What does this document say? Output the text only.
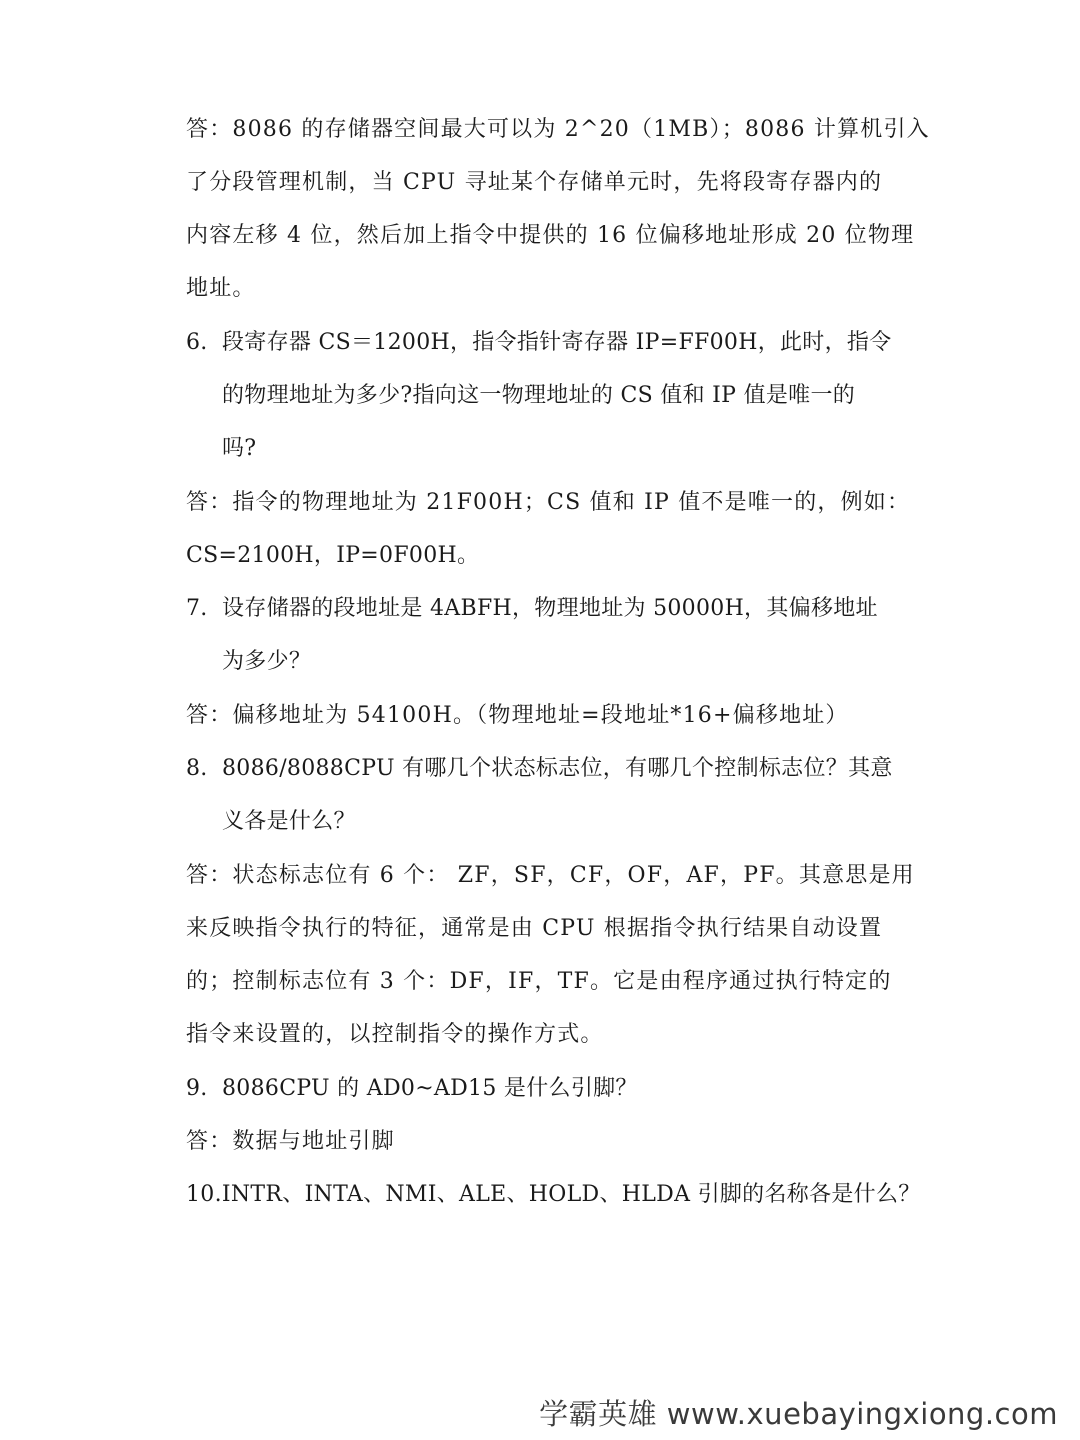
答：8086 的存储器空间最大可以为 2^20（1MB）；8086 计算机引入
了分段管理机制，当 CPU 寻址某个存储单元时，先将段寄存器内的
内容左移 4 位，然后加上指令中提供的 16 位偏移地址形成 20 位物理
地址。
6. 段寄存器 CS＝1200H，指令指针寄存器 IP=FF00H，此时，指令
的物理地址为多少?指向这一物理地址的 CS 值和 IP 值是唯一的
吗?
答：指令的物理地址为 21F00H；CS 值和 IP 值不是唯一的，例如：
CS=2100H，IP=0F00H。
7. 设存储器的段地址是 4ABFH，物理地址为 50000H，其偏移地址
为多少？
答：偏移地址为 54100H。（物理地址=段地址*16+偏移地址）
8. 8086/8088CPU 有哪几个状态标志位，有哪几个控制标志位？其意
义各是什么？
答：状态标志位有 6 个： ZF，SF，CF，OF，AF，PF。其意思是用
来反映指令执行的特征，通常是由 CPU 根据指令执行结果自动设置
的；控制标志位有 3 个：DF，IF，TF。它是由程序通过执行特定的
指令来设置的，以控制指令的操作方式。
9. 8086CPU 的 AD0~AD15 是什么引脚？
答：数据与地址引脚
10.INTR、INTA、NMI、ALE、HOLD、HLDA 引脚的名称各是什么？
学霸英雄 www.xuebayingxiong.com
